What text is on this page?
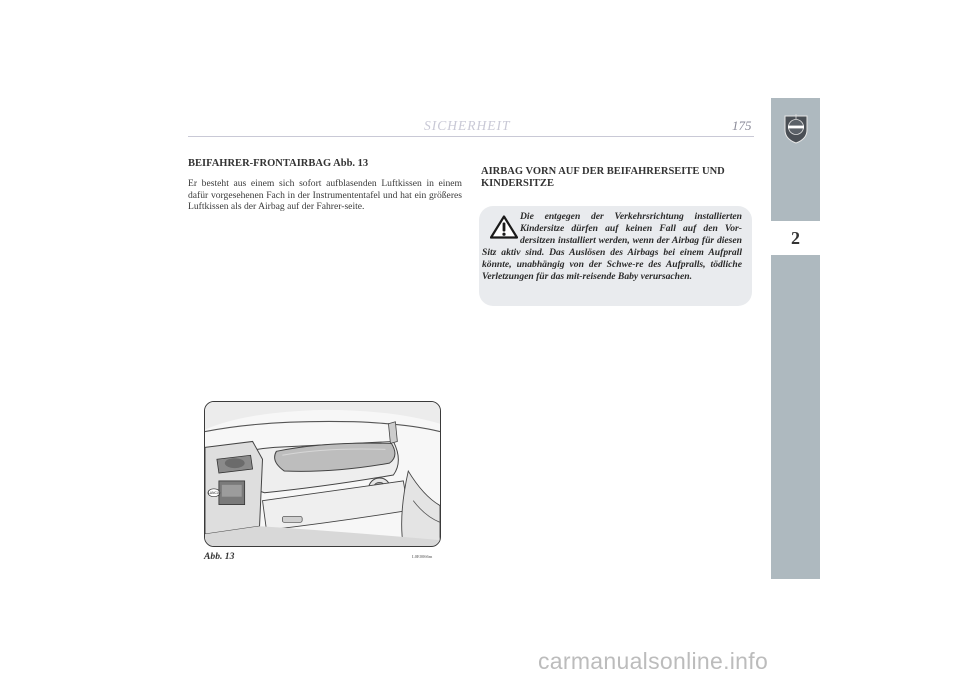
SICHERHEIT	175
2
BEIFAHRER-FRONTAIRBAG Abb. 13

Er besteht aus einem sich sofort aufblasenden Luftkissen in einem dafür vorgesehenen Fach in der Instrumententafel und hat ein größeres Luftkissen als der Airbag auf der Fahrer-seite.

AIRBAG VORN AUF DER BEIFAHRERSEITE UND KINDERSITZE

Die entgegen der Verkehrsrichtung installierten Kindersitze dürfen auf keinen Fall auf den Vor-dersitzen installiert werden, wenn der Airbag für diesen Sitz aktiv sind. Das Auslösen des Airbags bei einem Aufprall könnte, unabhängig von der Schwe-re des Aufpralls, tödliche Verletzungen für das mit-reisende Baby verursachen.

LANCIA
Abb. 13	L0E0066m
carmanualsonline.info
